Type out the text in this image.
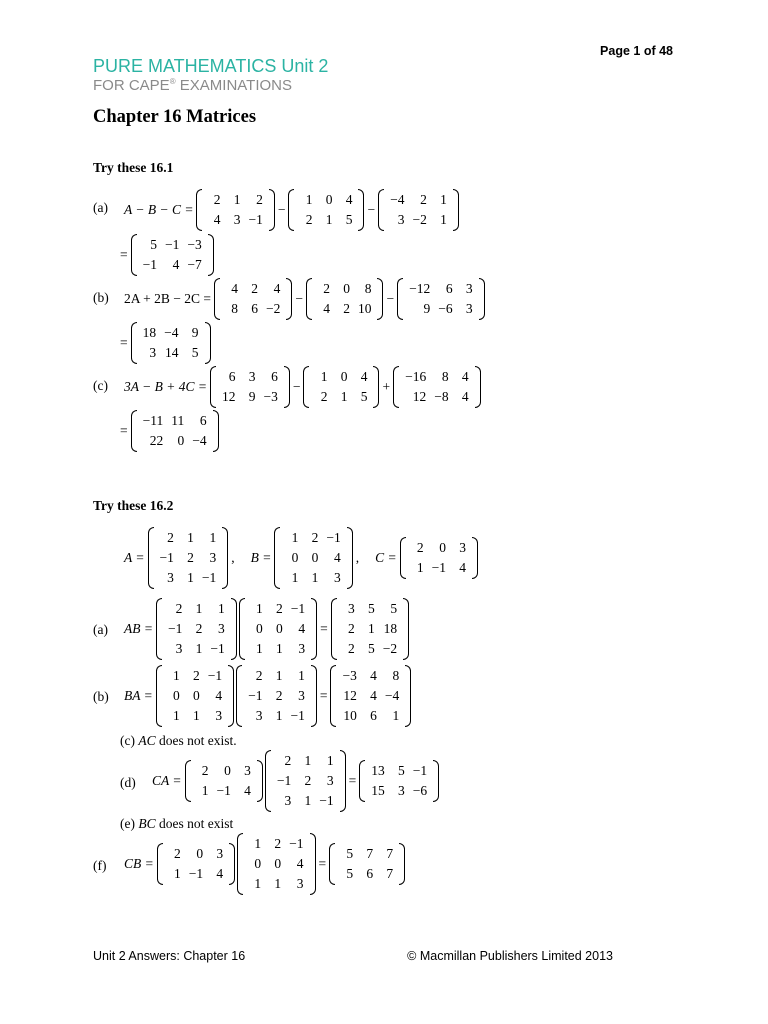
Page 1 of 48
PURE MATHEMATICS Unit 2
FOR CAPE® EXAMINATIONS
Chapter 16 Matrices
Try these 16.1
(a) A − B − C =
2 1	2
4 3 −1
−
1 0 4
2 1 5
−
−4	2 1
3 −2 1
=
5 −1 −3
−1	4 −7
(b) 2A + 2B − 2C =
4 2	4
8 6 −2
−
2 0	8
4 2 10
−
−12	6 3
9 −6 3
=
18 −4 9
3 14 5
(c) 3A − B + 4C =
6 3	6
12 9 −3
−
1 0 4
2 1 5
+
−16	8 4
12 −8 4
=
−11 11	6
22	0 −4
Try these 16.2
A =
2 1	1
−1 2	3
3 1 −1
, B =
1 2 −1
0 0	4
1 1	3
, C =
2	0 3
1 −1 4
(a) AB =
2 1	1
−1 2	3
3 1 −1
1 2 −1
0 0	4
1 1	3
=
3 5	5
2 1 18
2 5 −2
(b) BA =
1 2 −1
0 0	4
1 1	3
2 1	1
−1 2	3
3 1 −1
=
−3 4	8
12 4 −4
10 6	1
(c) AC does not exist.
(d) CA =
2	0 3
1 −1 4
2 1	1
−1 2	3
3 1 −1
=
13 5 −1
15 3 −6
(e) BC does not exist
(f) CB =
2	0 3
1 −1 4
1 2 −1
0 0	4
1 1	3
=
5 7 7
5 6 7
Unit 2 Answers: Chapter 16	© Macmillan Publishers Limited 2013
